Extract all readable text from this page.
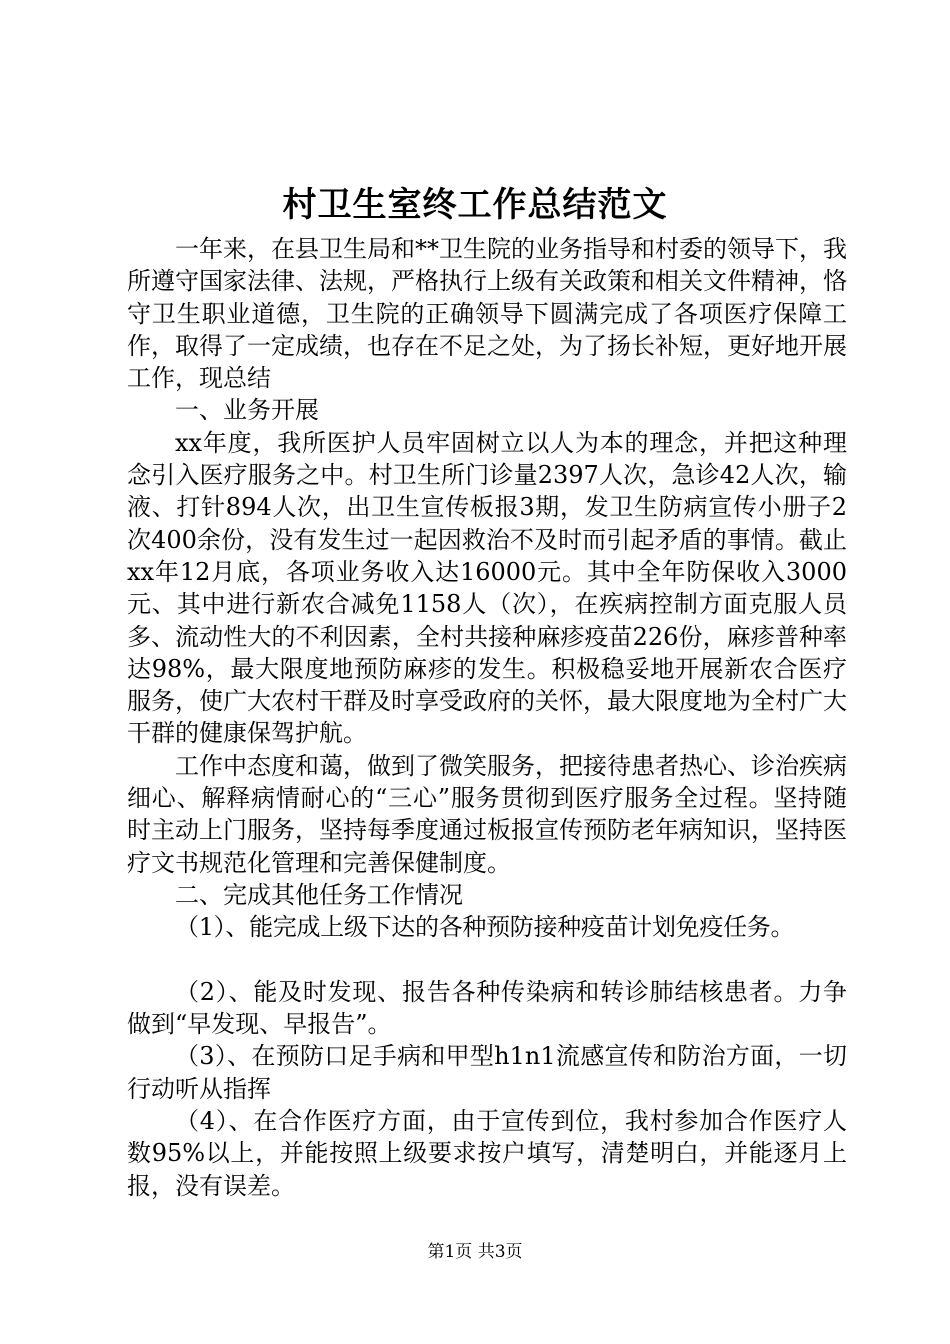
村卫生室终工作总结范文

一年来，在县卫生局和**卫生院的业务指导和村委的领导下，我所遵守国家法律、法规，严格执行上级有关政策和相关文件精神，恪守卫生职业道德，卫生院的正确领导下圆满完成了各项医疗保障工作，取得了一定成绩，也存在不足之处，为了扬长补短，更好地开展工作，现总结

一、业务开展

xx年度，我所医护人员牢固树立以人为本的理念，并把这种理念引入医疗服务之中。村卫生所门诊量2397人次，急诊42人次，输液、打针894人次，出卫生宣传板报3期，发卫生防病宣传小册子2次400余份，没有发生过一起因救治不及时而引起矛盾的事情。截止xx年12月底，各项业务收入达16000元。其中全年防保收入3000元、其中进行新农合减免1158人（次），在疾病控制方面克服人员多、流动性大的不利因素，全村共接种麻疹疫苗226份，麻疹普种率达98%，最大限度地预防麻疹的发生。积极稳妥地开展新农合医疗服务，使广大农村干群及时享受政府的关怀，最大限度地为全村广大干群的健康保驾护航。

工作中态度和蔼，做到了微笑服务，把接待患者热心、诊治疾病细心、解释病情耐心的“三心”服务贯彻到医疗服务全过程。坚持随时主动上门服务，坚持每季度通过板报宣传预防老年病知识，坚持医疗文书规范化管理和完善保健制度。

二、完成其他任务工作情况

（1）、能完成上级下达的各种预防接种疫苗计划免疫任务。

（2）、能及时发现、报告各种传染病和转诊肺结核患者。力争做到“早发现、早报告”。

（3）、在预防口足手病和甲型h1n1流感宣传和防治方面，一切行动听从指挥

（4）、在合作医疗方面，由于宣传到位，我村参加合作医疗人数95%以上，并能按照上级要求按户填写，清楚明白，并能逐月上报，没有误差。

第1页 共3页
